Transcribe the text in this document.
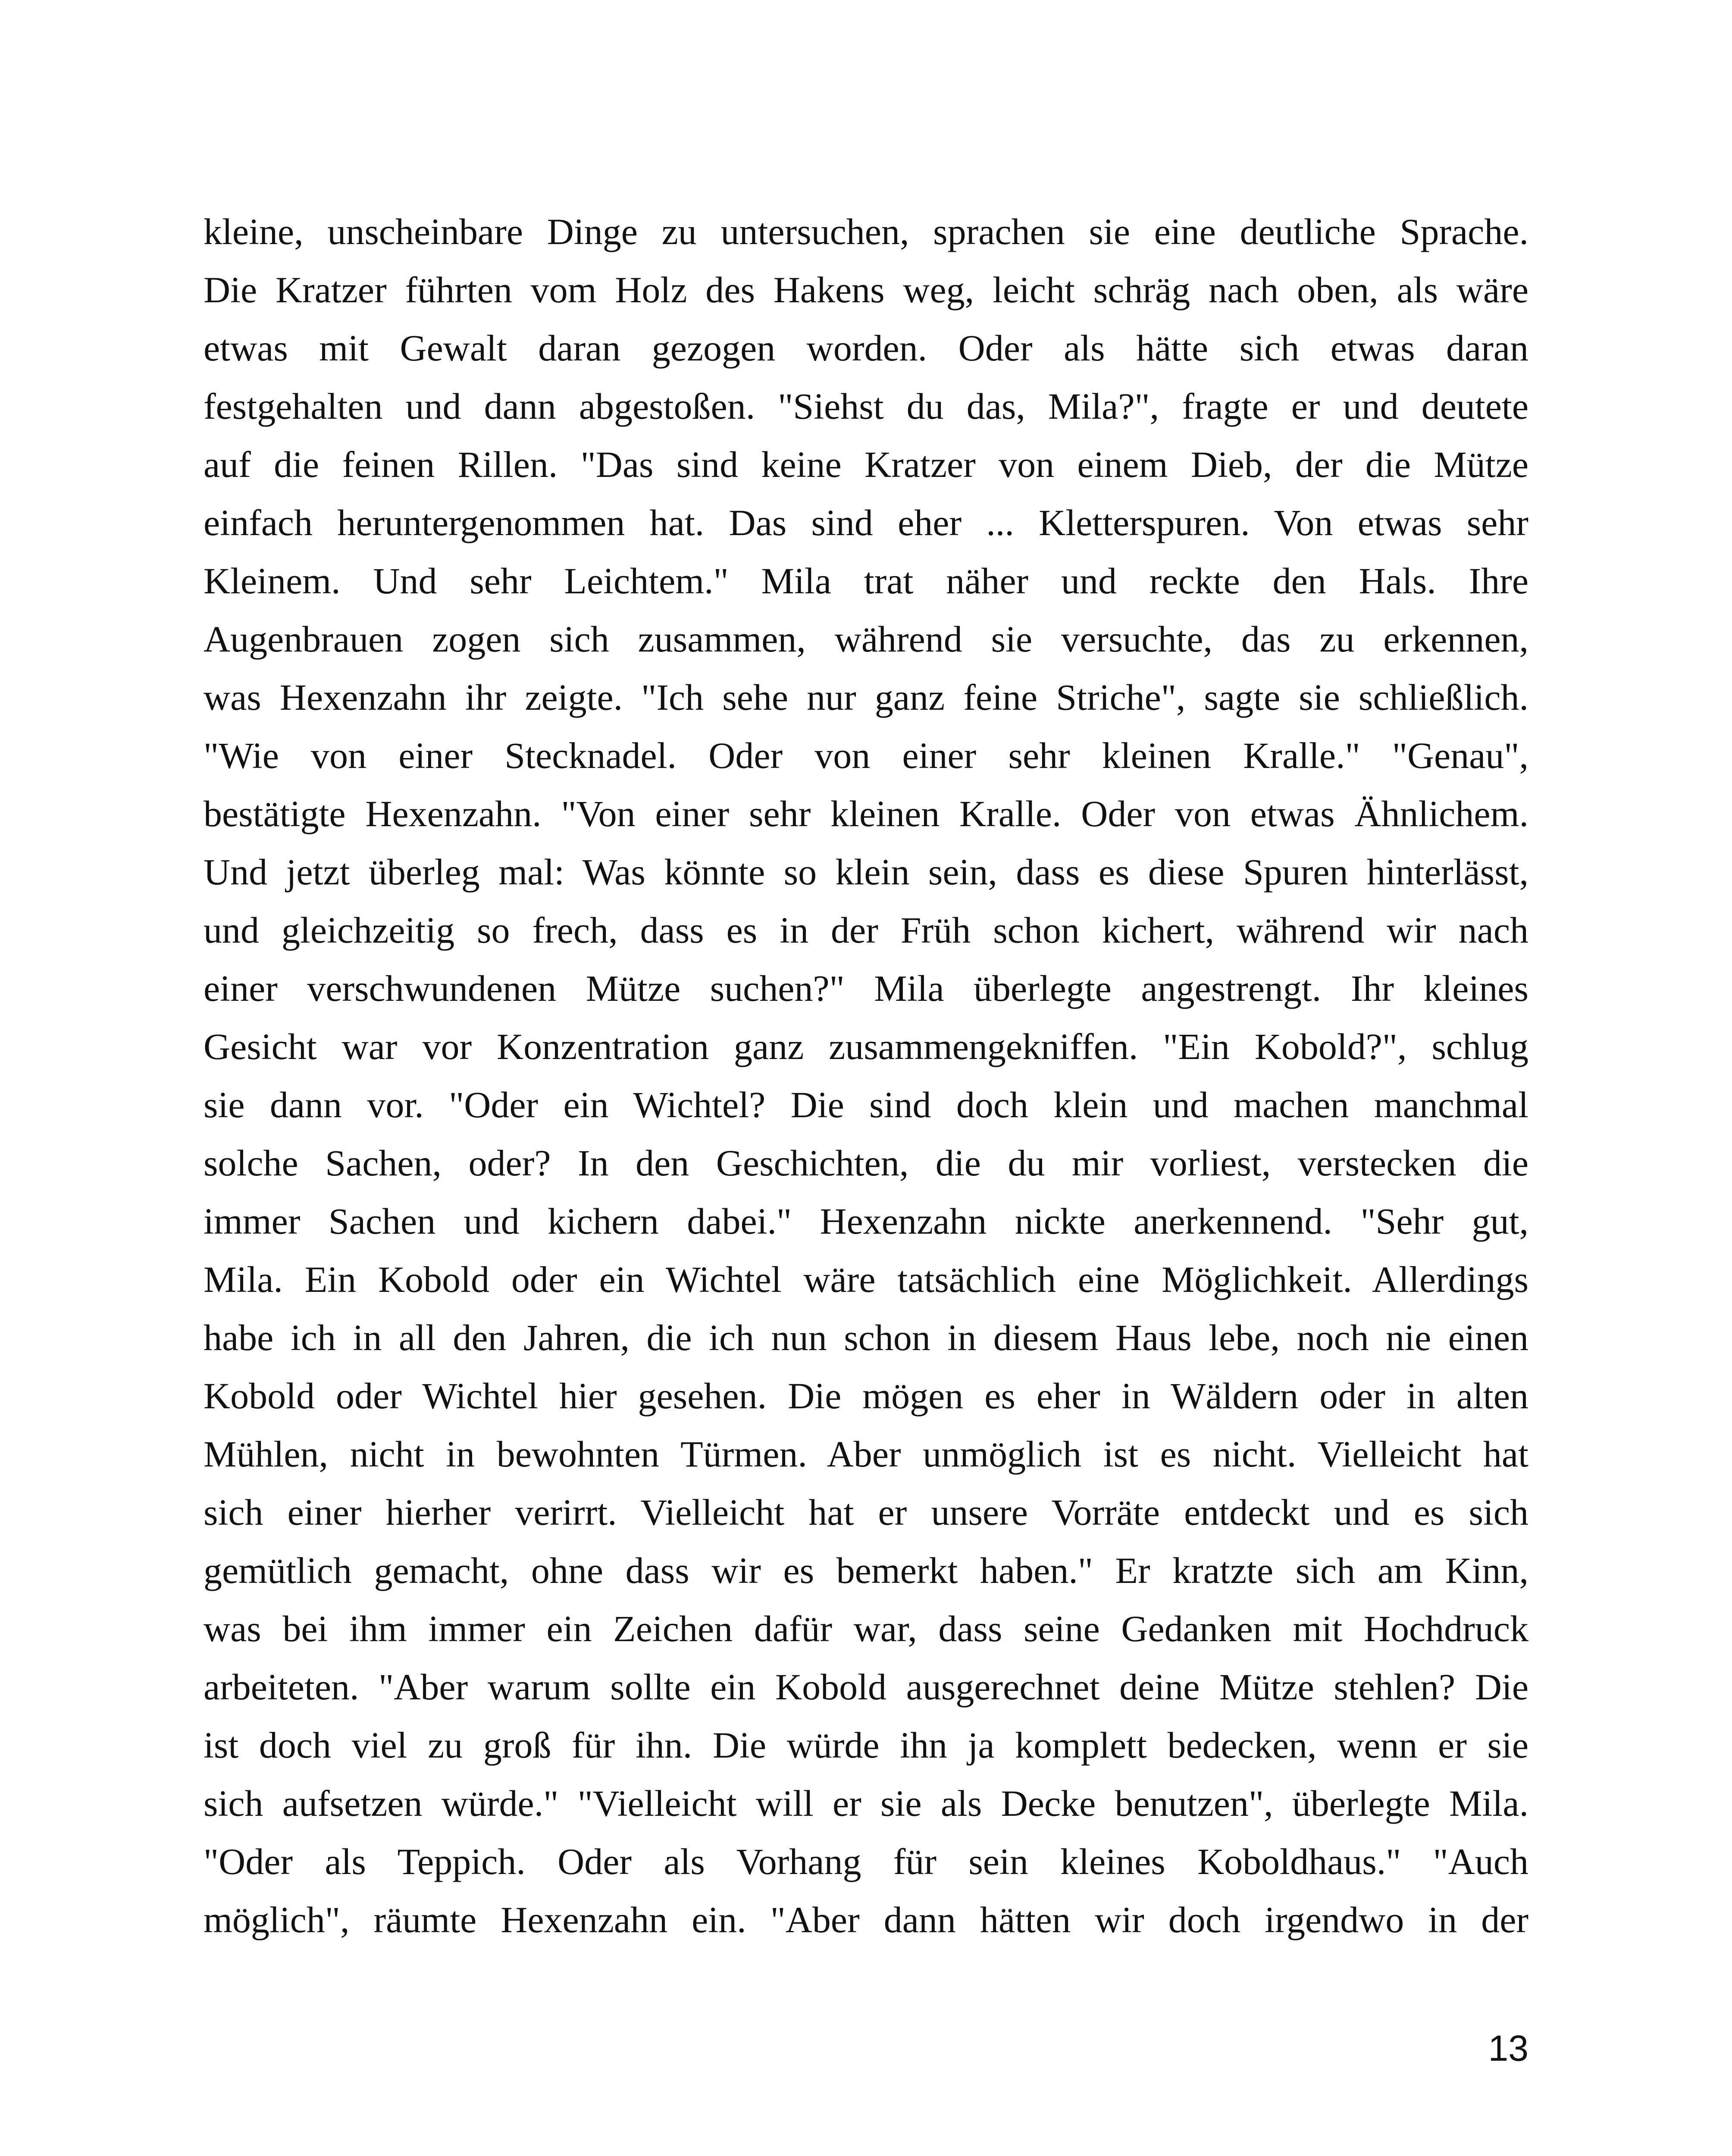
kleine, unscheinbare Dinge zu untersuchen, sprachen sie eine deutliche Sprache.
Die Kratzer führten vom Holz des Hakens weg, leicht schräg nach oben, als wäre
etwas mit Gewalt daran gezogen worden. Oder als hätte sich etwas daran
festgehalten und dann abgestoßen. "Siehst du das, Mila?", fragte er und deutete
auf die feinen Rillen. "Das sind keine Kratzer von einem Dieb, der die Mütze
einfach heruntergenommen hat. Das sind eher ... Kletterspuren. Von etwas sehr
Kleinem. Und sehr Leichtem." Mila trat näher und reckte den Hals. Ihre
Augenbrauen zogen sich zusammen, während sie versuchte, das zu erkennen,
was Hexenzahn ihr zeigte. "Ich sehe nur ganz feine Striche", sagte sie schließlich.
"Wie von einer Stecknadel. Oder von einer sehr kleinen Kralle." "Genau",
bestätigte Hexenzahn. "Von einer sehr kleinen Kralle. Oder von etwas Ähnlichem.
Und jetzt überleg mal: Was könnte so klein sein, dass es diese Spuren hinterlässt,
und gleichzeitig so frech, dass es in der Früh schon kichert, während wir nach
einer verschwundenen Mütze suchen?" Mila überlegte angestrengt. Ihr kleines
Gesicht war vor Konzentration ganz zusammengekniffen. "Ein Kobold?", schlug
sie dann vor. "Oder ein Wichtel? Die sind doch klein und machen manchmal
solche Sachen, oder? In den Geschichten, die du mir vorliest, verstecken die
immer Sachen und kichern dabei." Hexenzahn nickte anerkennend. "Sehr gut,
Mila. Ein Kobold oder ein Wichtel wäre tatsächlich eine Möglichkeit. Allerdings
habe ich in all den Jahren, die ich nun schon in diesem Haus lebe, noch nie einen
Kobold oder Wichtel hier gesehen. Die mögen es eher in Wäldern oder in alten
Mühlen, nicht in bewohnten Türmen. Aber unmöglich ist es nicht. Vielleicht hat
sich einer hierher verirrt. Vielleicht hat er unsere Vorräte entdeckt und es sich
gemütlich gemacht, ohne dass wir es bemerkt haben." Er kratzte sich am Kinn,
was bei ihm immer ein Zeichen dafür war, dass seine Gedanken mit Hochdruck
arbeiteten. "Aber warum sollte ein Kobold ausgerechnet deine Mütze stehlen? Die
ist doch viel zu groß für ihn. Die würde ihn ja komplett bedecken, wenn er sie
sich aufsetzen würde." "Vielleicht will er sie als Decke benutzen", überlegte Mila.
"Oder als Teppich. Oder als Vorhang für sein kleines Koboldhaus." "Auch
möglich", räumte Hexenzahn ein. "Aber dann hätten wir doch irgendwo in der
13
